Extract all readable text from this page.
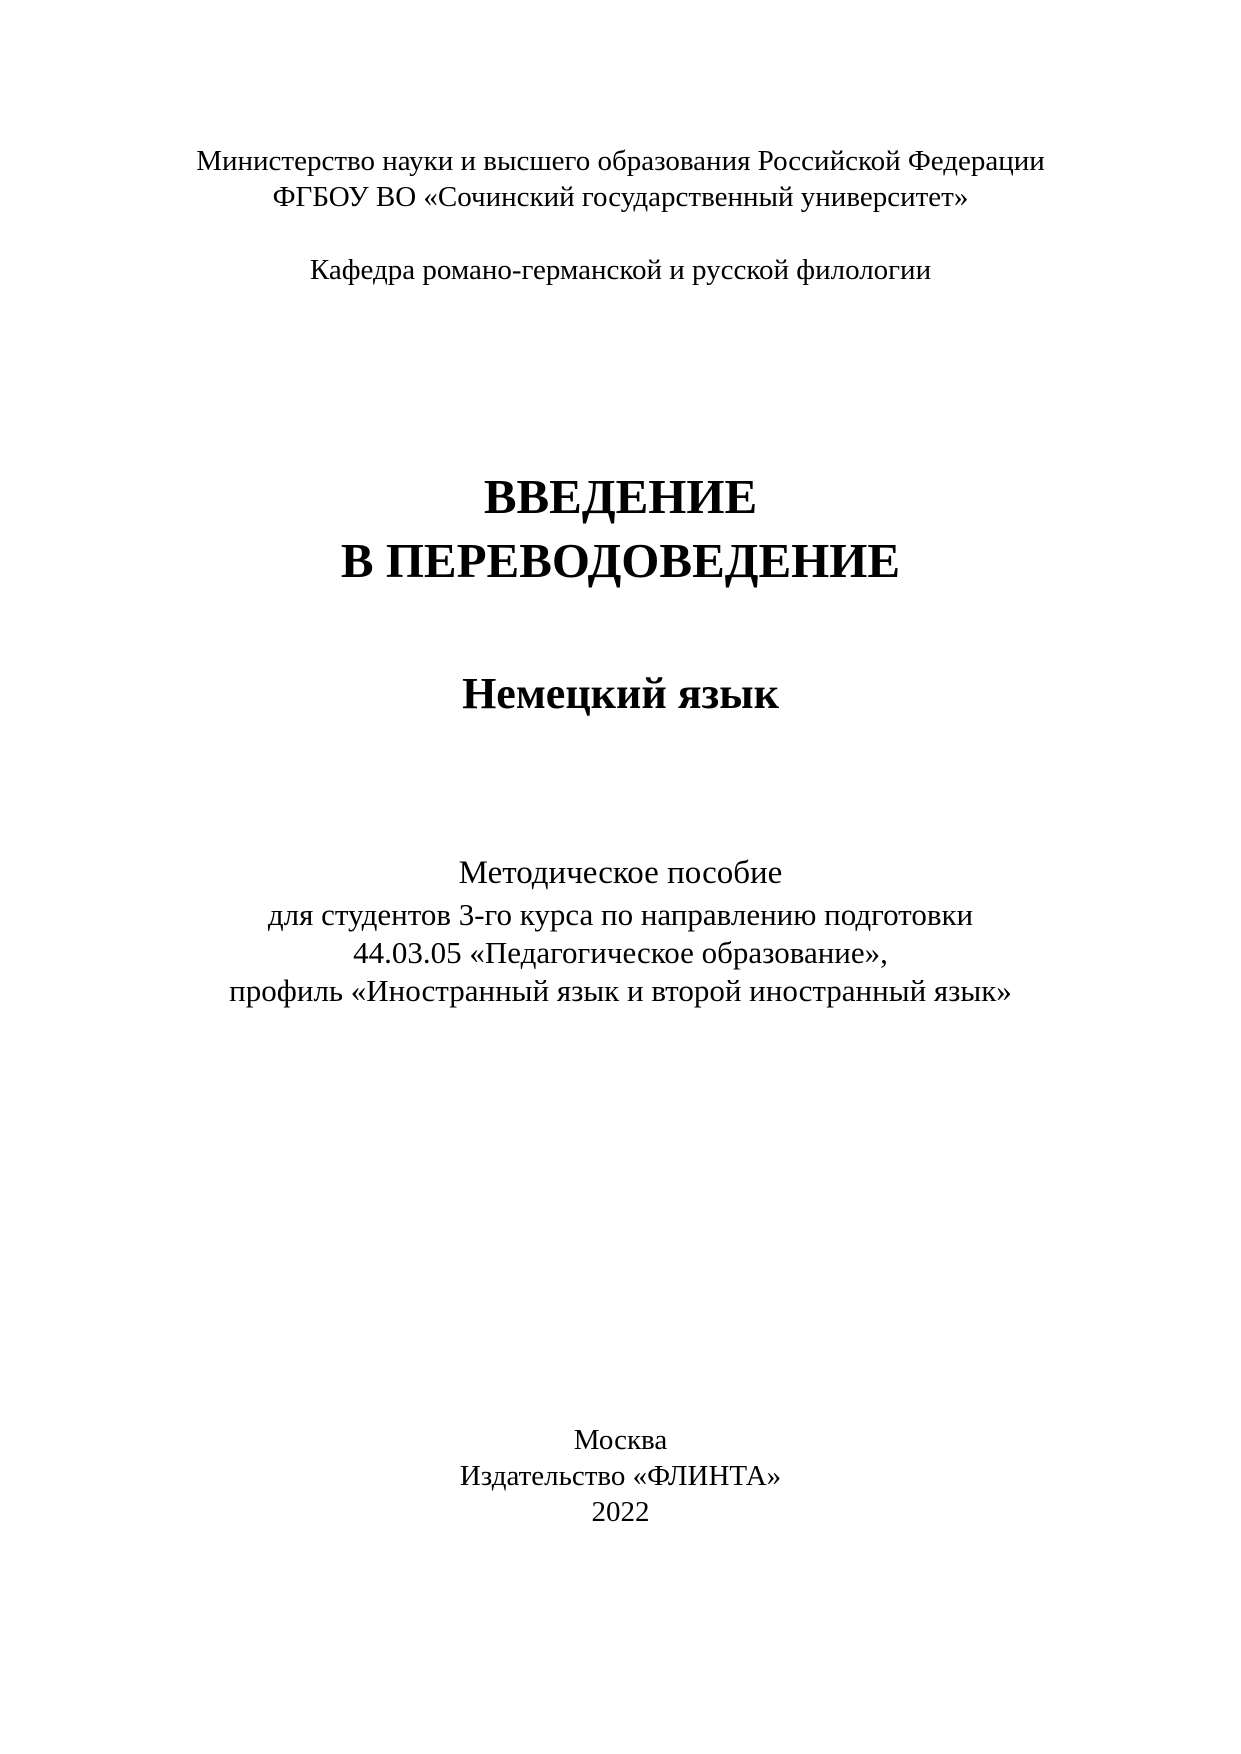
Министерство науки и высшего образования Российской Федерации
ФГБОУ ВО «Сочинский государственный университет»
Кафедра романо-германской и русской филологии
ВВЕДЕНИЕ
В ПЕРЕВОДОВЕДЕНИЕ
Немецкий язык
Методическое пособие
для студентов 3-го курса по направлению подготовки
44.03.05 «Педагогическое образование»,
профиль «Иностранный язык и второй иностранный язык»
Москва
Издательство «ФЛИНТА»
2022
